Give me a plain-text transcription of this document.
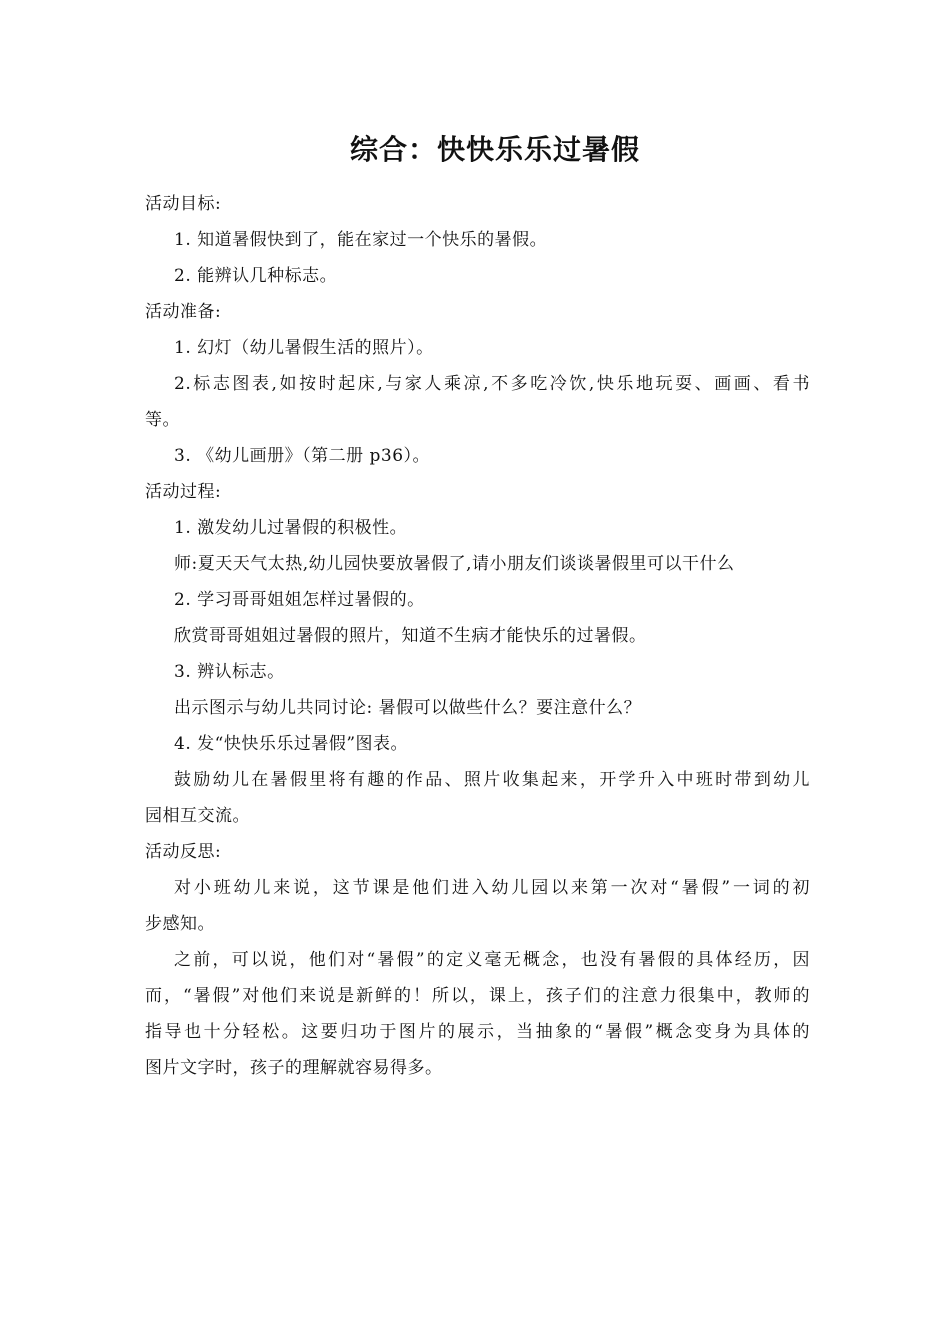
综合：快快乐乐过暑假
活动目标:
1. 知道暑假快到了，能在家过一个快乐的暑假。
2. 能辨认几种标志。
活动准备:
1. 幻灯（幼儿暑假生活的照片）。
2.标志图表,如按时起床,与家人乘凉,不多吃冷饮,快乐地玩耍、画画、看书
等。
3. 《幼儿画册》（第二册 p36）。
活动过程:
1. 激发幼儿过暑假的积极性。
师:夏天天气太热,幼儿园快要放暑假了,请小朋友们谈谈暑假里可以干什么
2. 学习哥哥姐姐怎样过暑假的。
欣赏哥哥姐姐过暑假的照片，知道不生病才能快乐的过暑假。
3. 辨认标志。
出示图示与幼儿共同讨论: 暑假可以做些什么？要注意什么？
4. 发“快快乐乐过暑假”图表。
鼓励幼儿在暑假里将有趣的作品、照片收集起来，开学升入中班时带到幼儿
园相互交流。
活动反思:
对小班幼儿来说，这节课是他们进入幼儿园以来第一次对“暑假”一词的初
步感知。
之前，可以说，他们对“暑假”的定义毫无概念，也没有暑假的具体经历，因
而，“暑假”对他们来说是新鲜的！所以，课上，孩子们的注意力很集中，教师的
指导也十分轻松。这要归功于图片的展示，当抽象的“暑假”概念变身为具体的
图片文字时，孩子的理解就容易得多。
